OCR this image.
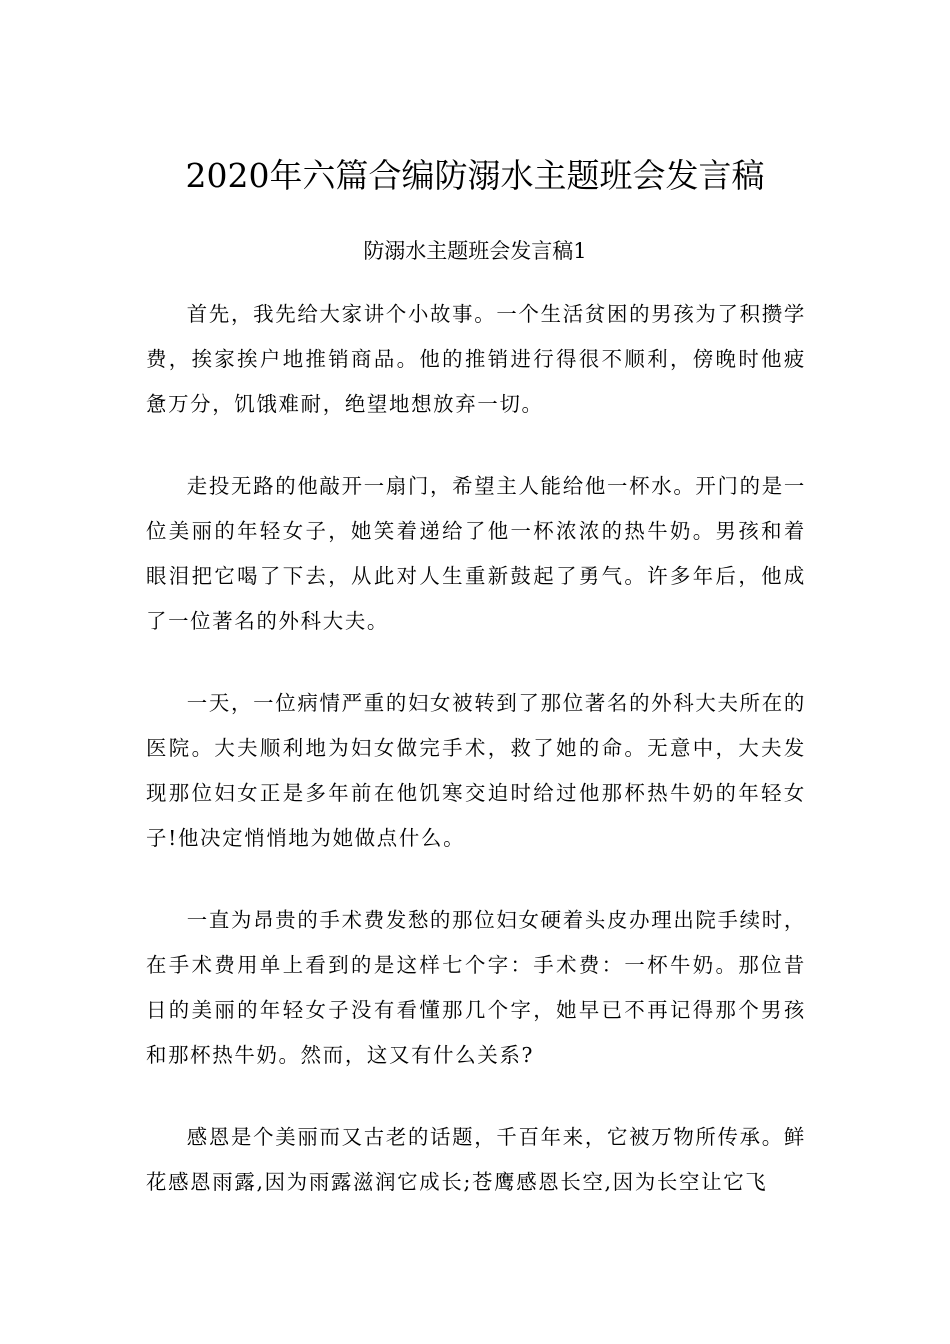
2020年六篇合编防溺水主题班会发言稿
防溺水主题班会发言稿1

首先，我先给大家讲个小故事。一个生活贫困的男孩为了积攒学费，挨家挨户地推销商品。他的推销进行得很不顺利，傍晚时他疲惫万分，饥饿难耐，绝望地想放弃一切。

走投无路的他敲开一扇门，希望主人能给他一杯水。开门的是一位美丽的年轻女子，她笑着递给了他一杯浓浓的热牛奶。男孩和着眼泪把它喝了下去，从此对人生重新鼓起了勇气。许多年后，他成了一位著名的外科大夫。

一天，一位病情严重的妇女被转到了那位著名的外科大夫所在的医院。大夫顺利地为妇女做完手术，救了她的命。无意中，大夫发现那位妇女正是多年前在他饥寒交迫时给过他那杯热牛奶的年轻女子!他决定悄悄地为她做点什么。

一直为昂贵的手术费发愁的那位妇女硬着头皮办理出院手续时，在手术费用单上看到的是这样七个字：手术费：一杯牛奶。那位昔日的美丽的年轻女子没有看懂那几个字，她早已不再记得那个男孩和那杯热牛奶。然而，这又有什么关系?

感恩是个美丽而又古老的话题，千百年来，它被万物所传承。鲜花感恩雨露,因为雨露滋润它成长;苍鹰感恩长空,因为长空让它飞
